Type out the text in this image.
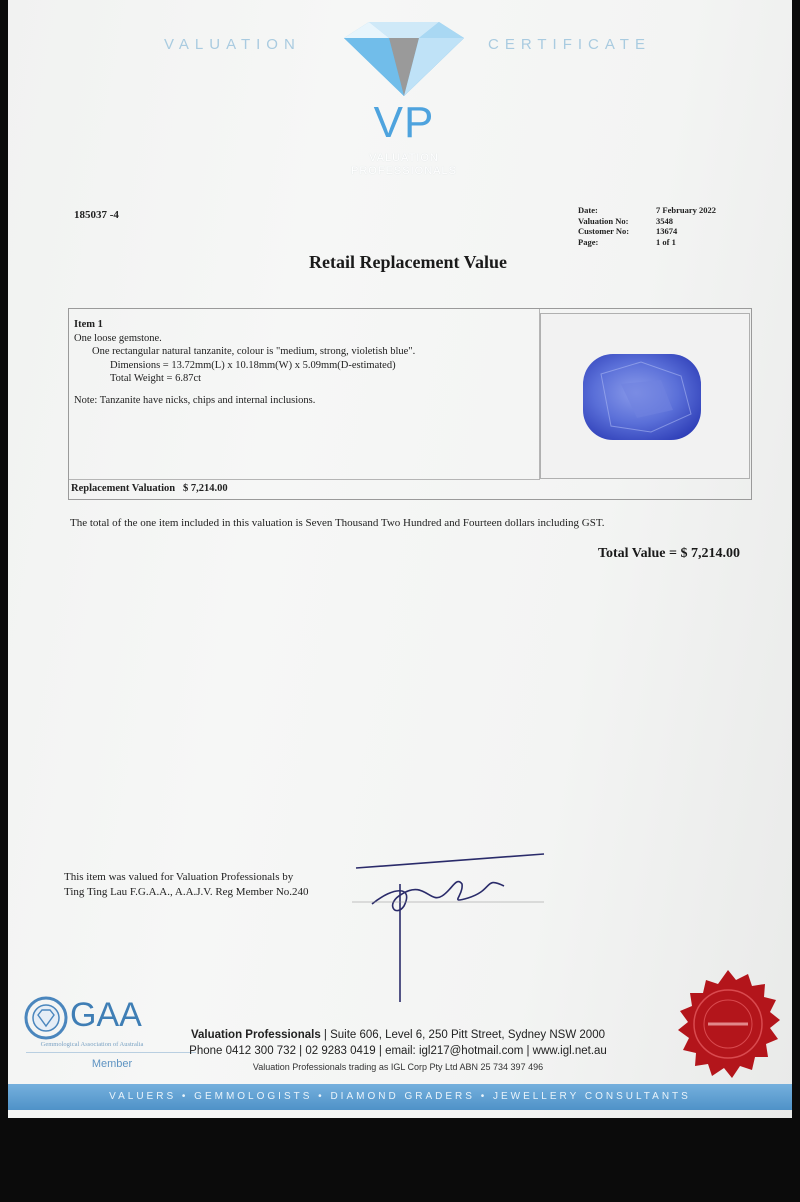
VALUATION	CERTIFICATE
VP
VALUATION
PROFESSIONALS
185037 -4	Date:	7 February 2022
Valuation No:	3548
Customer No:	13674
Page:	1 of 1
Retail Replacement Value
Item 1
One loose gemstone.
One rectangular natural tanzanite, colour is "medium, strong, violetish blue".
Dimensions = 13.72mm(L) x 10.18mm(W) x 5.09mm(D-estimated)
Total Weight = 6.87ct
Note: Tanzanite have nicks, chips and internal inclusions.
Replacement Valuation $ 7,214.00
The total of the one item included in this valuation is Seven Thousand Two Hundred and Fourteen dollars including GST.
Total Value = $ 7,214.00
This item was valued for Valuation Professionals by
Ting Ting Lau F.G.A.A., A.A.J.V. Reg Member No.240
GAA
Gemmological Association of Australia
Member
Valuation Professionals | Suite 606, Level 6, 250 Pitt Street, Sydney NSW 2000
Phone 0412 300 732 | 02 9283 0419 | email: igl217@hotmail.com | www.igl.net.au
Valuation Professionals trading as IGL Corp Pty Ltd ABN 25 734 397 496
VALUERS • GEMMOLOGISTS • DIAMOND GRADERS • JEWELLERY CONSULTANTS
